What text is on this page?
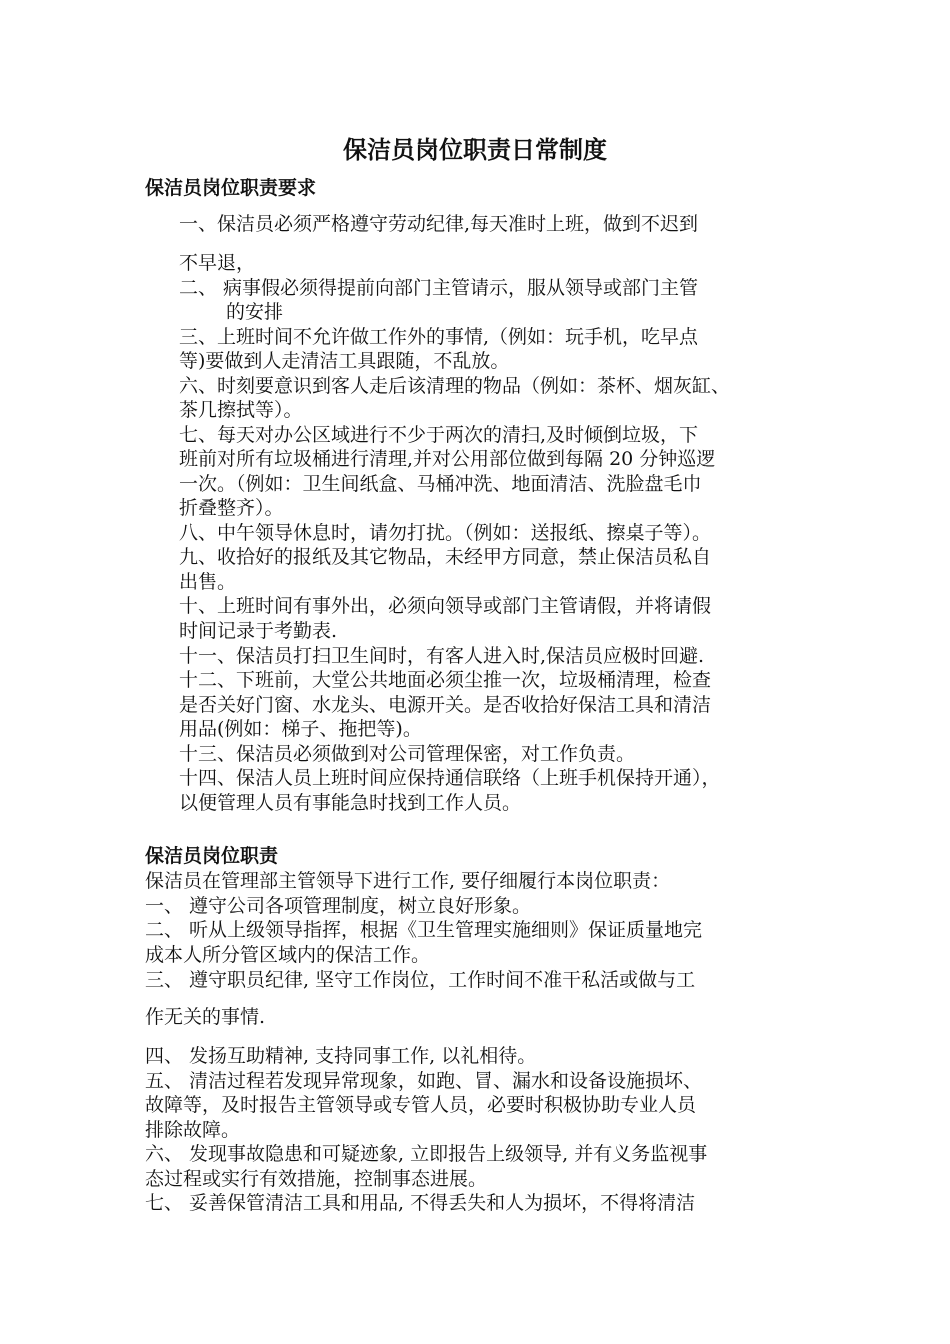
保洁员岗位职责日常制度
保洁员岗位职责要求

一、保洁员必须严格遵守劳动纪律,每天准时上班，做到不迟到

不早退，

二、 病事假必须得提前向部门主管请示，服从领导或部门主管

的安排

三、上班时间不允许做工作外的事情,（例如：玩手机，吃早点

等)要做到人走清洁工具跟随，不乱放。

六、时刻要意识到客人走后该清理的物品（例如：茶杯、烟灰缸、

茶几擦拭等）。

七、每天对办公区域进行不少于两次的清扫,及时倾倒垃圾，下

班前对所有垃圾桶进行清理,并对公用部位做到每隔 20 分钟巡逻

一次。（例如：卫生间纸盒、马桶冲洗、地面清洁、洗脸盘毛巾

折叠整齐）。

八、中午领导休息时，请勿打扰。（例如：送报纸、擦桌子等）。

九、收拾好的报纸及其它物品，未经甲方同意，禁止保洁员私自

出售。

十、上班时间有事外出，必须向领导或部门主管请假，并将请假

时间记录于考勤表.

十一、保洁员打扫卫生间时，有客人进入时,保洁员应极时回避.

十二、下班前，大堂公共地面必须尘推一次，垃圾桶清理，检查

是否关好门窗、水龙头、电源开关。是否收拾好保洁工具和清洁

用品(例如：梯子、拖把等)。

十三、保洁员必须做到对公司管理保密，对工作负责。

十四、保洁人员上班时间应保持通信联络（上班手机保持开通），

以便管理人员有事能急时找到工作人员。

保洁员岗位职责

保洁员在管理部主管领导下进行工作, 要仔细履行本岗位职责：

一、 遵守公司各项管理制度，树立良好形象。

二、 听从上级领导指挥，根据《卫生管理实施细则》保证质量地完

成本人所分管区域内的保洁工作。

三、 遵守职员纪律, 坚守工作岗位，工作时间不准干私活或做与工

作无关的事情.

四、 发扬互助精神, 支持同事工作, 以礼相待。

五、 清洁过程若发现异常现象，如跑、冒、漏水和设备设施损坏、

故障等，及时报告主管领导或专管人员，必要时积极协助专业人员

排除故障。

六、 发现事故隐患和可疑迹象, 立即报告上级领导, 并有义务监视事

态过程或实行有效措施，控制事态进展。

七、 妥善保管清洁工具和用品, 不得丢失和人为损坏，不得将清洁
